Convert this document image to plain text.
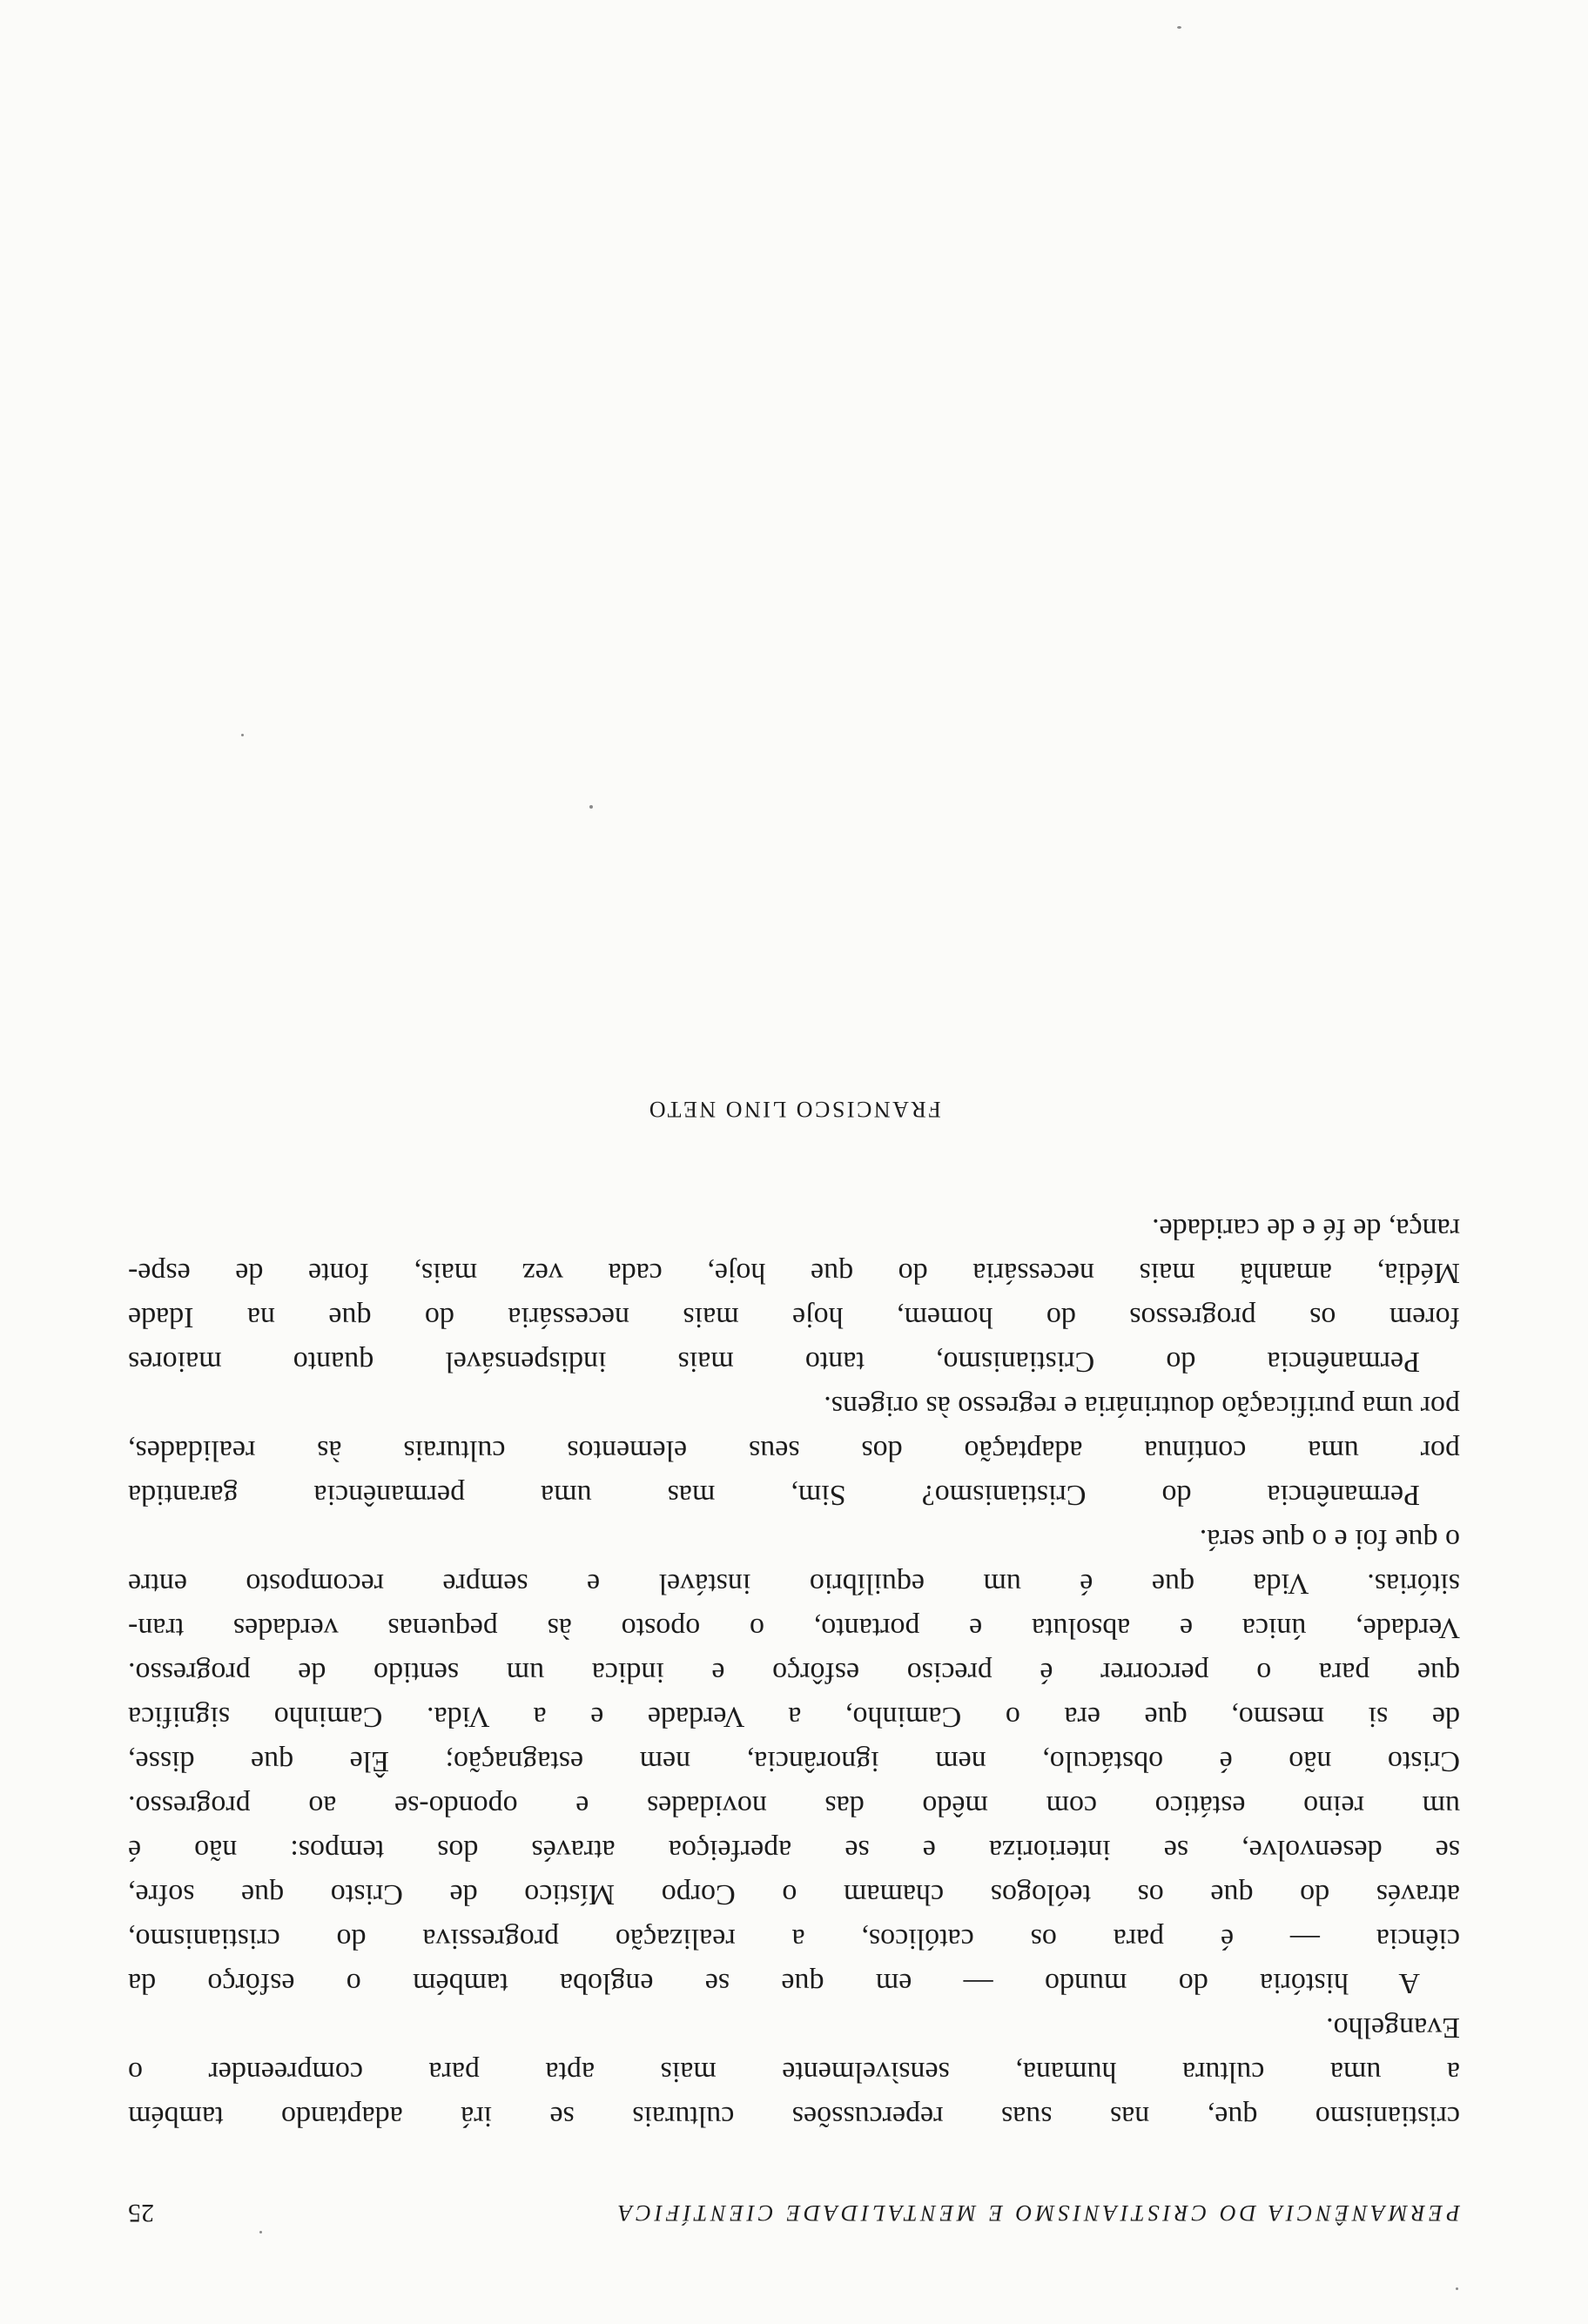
PERMANÊNCIA DO CRISTIANISMO E MENTALIDADE CIENTÍFICA
25
cristianismo que, nas suas repercussões culturais se irá adaptando também
a uma cultura humana, sensìvelmente mais apta para compreender o
Evangelho.
A história do mundo — em que se engloba também o esfôrço da
ciência — é para os católicos, a realização progressiva do cristianismo,
através do que os teólogos chamam o Corpo Místico de Cristo que sofre,
se desenvolve, se interioriza e se aperfeiçoa através dos tempos: não é
um reino estático com mêdo das novidades e opondo-se ao progresso.
Cristo não é obstáculo, nem ignorância, nem estagnação; Êle que disse,
de si mesmo, que era o Caminho, a Verdade e a Vida. Caminho significa
que para o percorrer é preciso esfôrço e indica um sentido de progresso.
Verdade, única e absoluta e portanto, o oposto às pequenas verdades tran-
sitórias. Vida que é um equilíbrio instável e sempre recomposto entre
o que foi e o que será.
Permanência do Cristianismo? Sim, mas uma permanência garantida
por uma contínua adaptação dos seus elementos culturais às realidades,
por uma purificação doutrinária e regresso às origens.
Permanência do Cristianismo, tanto mais indispensável quanto maiores
forem os progressos do homem, hoje mais necessária do que na Idade
Média, amanhã mais necessária do que hoje, cada vez mais, fonte de espe-
rança, de fé e de caridade.
FRANCISCO LINO NETO
